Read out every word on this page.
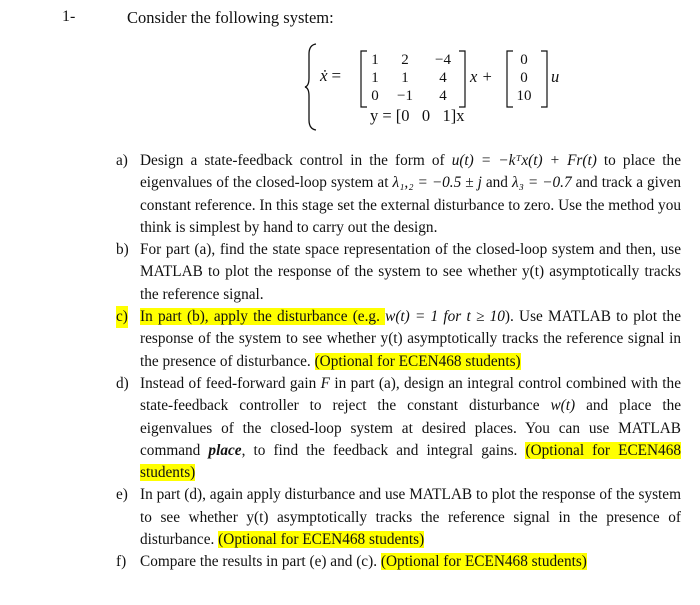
1-	Consider the following system:
ẋ =
1	2	−4
1	1	4
0	−1	4
x +
0
0
10
u
y = [0   0   1]x
a) Design a state-feedback control in the form of u(t) = −kᵀx(t) + Fr(t) to place the eigenvalues of the closed-loop system at λ₁,₂ = −0.5 ± j and λ₃ = −0.7 and track a given constant reference. In this stage set the external disturbance to zero. Use the method you think is simplest by hand to carry out the design.
b) For part (a), find the state space representation of the closed-loop system and then, use MATLAB to plot the response of the system to see whether y(t) asymptotically tracks the reference signal.
c) In part (b), apply the disturbance (e.g. w(t) = 1 for t ≥ 10). Use MATLAB to plot the response of the system to see whether y(t) asymptotically tracks the reference signal in the presence of disturbance. (Optional for ECEN468 students)
d) Instead of feed-forward gain F in part (a), design an integral control combined with the state-feedback controller to reject the constant disturbance w(t) and place the eigenvalues of the closed-loop system at desired places. You can use MATLAB command place, to find the feedback and integral gains. (Optional for ECEN468 students)
e) In part (d), again apply disturbance and use MATLAB to plot the response of the system to see whether y(t) asymptotically tracks the reference signal in the presence of disturbance. (Optional for ECEN468 students)
f) Compare the results in part (e) and (c). (Optional for ECEN468 students)
